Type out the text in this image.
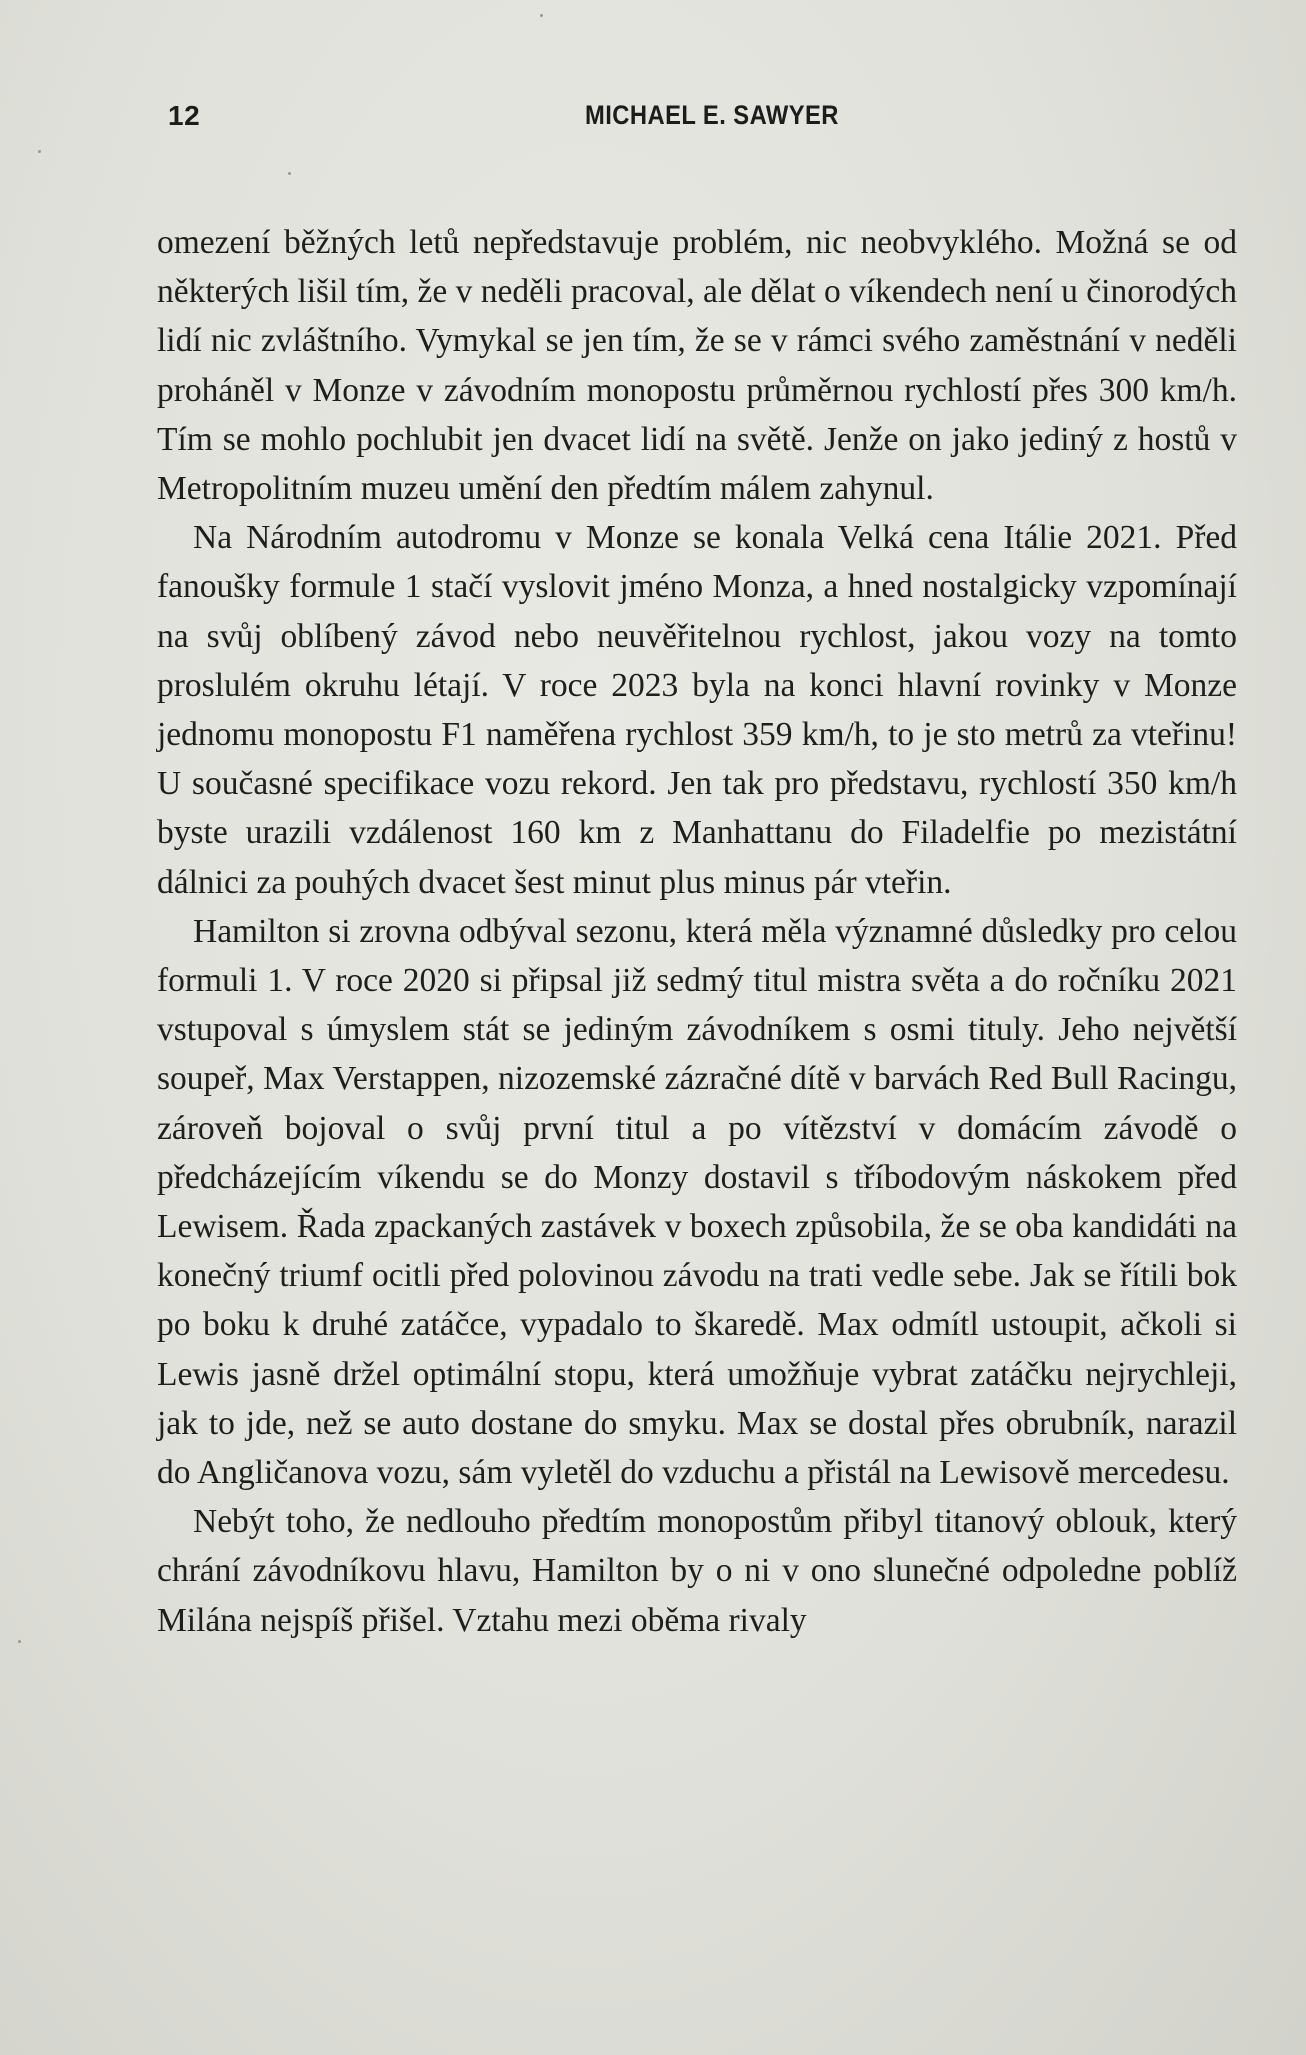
12	MICHAEL E. SAWYER

omezení běžných letů nepředstavuje problém, nic neobvyklého. Možná se od některých lišil tím, že v neděli pracoval, ale dělat o víkendech není u činorodých lidí nic zvláštního. Vymykal se jen tím, že se v rámci svého zaměstnání v neděli proháněl v Monze v závodním monopostu průměrnou rychlostí přes 300 km/h. Tím se mohlo pochlubit jen dvacet lidí na světě. Jenže on jako jediný z hostů v Metropolitním muzeu umění den předtím málem zahynul.

Na Národním autodromu v Monze se konala Velká cena Itálie 2021. Před fanoušky formule 1 stačí vyslovit jméno Monza, a hned nostalgicky vzpomínají na svůj oblíbený závod nebo neuvěřitelnou rychlost, jakou vozy na tomto proslulém okruhu létají. V roce 2023 byla na konci hlavní rovinky v Monze jednomu monopostu F1 naměřena rychlost 359 km/h, to je sto metrů za vteřinu! U současné specifikace vozu rekord. Jen tak pro představu, rychlostí 350 km/h byste urazili vzdálenost 160 km z Manhattanu do Filadelfie po mezistátní dálnici za pouhých dvacet šest minut plus minus pár vteřin.

Hamilton si zrovna odbýval sezonu, která měla významné důsledky pro celou formuli 1. V roce 2020 si připsal již sedmý titul mistra světa a do ročníku 2021 vstupoval s úmyslem stát se jediným závodníkem s osmi tituly. Jeho největší soupeř, Max Verstappen, nizozemské zázračné dítě v barvách Red Bull Racingu, zároveň bojoval o svůj první titul a po vítězství v domácím závodě o předcházejícím víkendu se do Monzy dostavil s tříbodovým náskokem před Lewisem. Řada zpackaných zastávek v boxech způsobila, že se oba kandidáti na konečný triumf ocitli před polovinou závodu na trati vedle sebe. Jak se řítili bok po boku k druhé zatáčce, vypadalo to škaredě. Max odmítl ustoupit, ačkoli si Lewis jasně držel optimální stopu, která umožňuje vybrat zatáčku nejrychleji, jak to jde, než se auto dostane do smyku. Max se dostal přes obrubník, narazil do Angličanova vozu, sám vyletěl do vzduchu a přistál na Lewisově mercedesu.

Nebýt toho, že nedlouho předtím monopostům přibyl titanový oblouk, který chrání závodníkovu hlavu, Hamilton by o ni v ono slunečné odpoledne poblíž Milána nejspíš přišel. Vztahu mezi oběma rivaly
